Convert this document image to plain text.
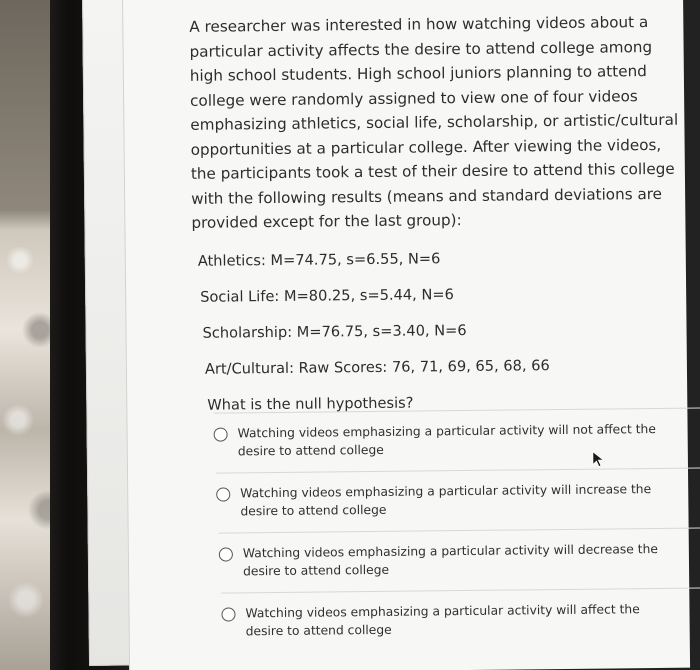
A researcher was interested in how watching videos about a particular activity affects the desire to attend college among high school students. High school juniors planning to attend college were randomly assigned to view one of four videos emphasizing athletics, social life, scholarship, or artistic/cultural opportunities at a particular college. After viewing the videos, the participants took a test of their desire to attend this college with the following results (means and standard deviations are provided except for the last group):

Athletics: M=74.75, s=6.55, N=6

Social Life: M=80.25, s=5.44, N=6

Scholarship: M=76.75, s=3.40, N=6

Art/Cultural: Raw Scores: 76, 71, 69, 65, 68, 66

What is the null hypothesis?

Watching videos emphasizing a particular activity will not affect the desire to attend college
Watching videos emphasizing a particular activity will increase the desire to attend college
Watching videos emphasizing a particular activity will decrease the desire to attend college
Watching videos emphasizing a particular activity will affect the desire to attend college
